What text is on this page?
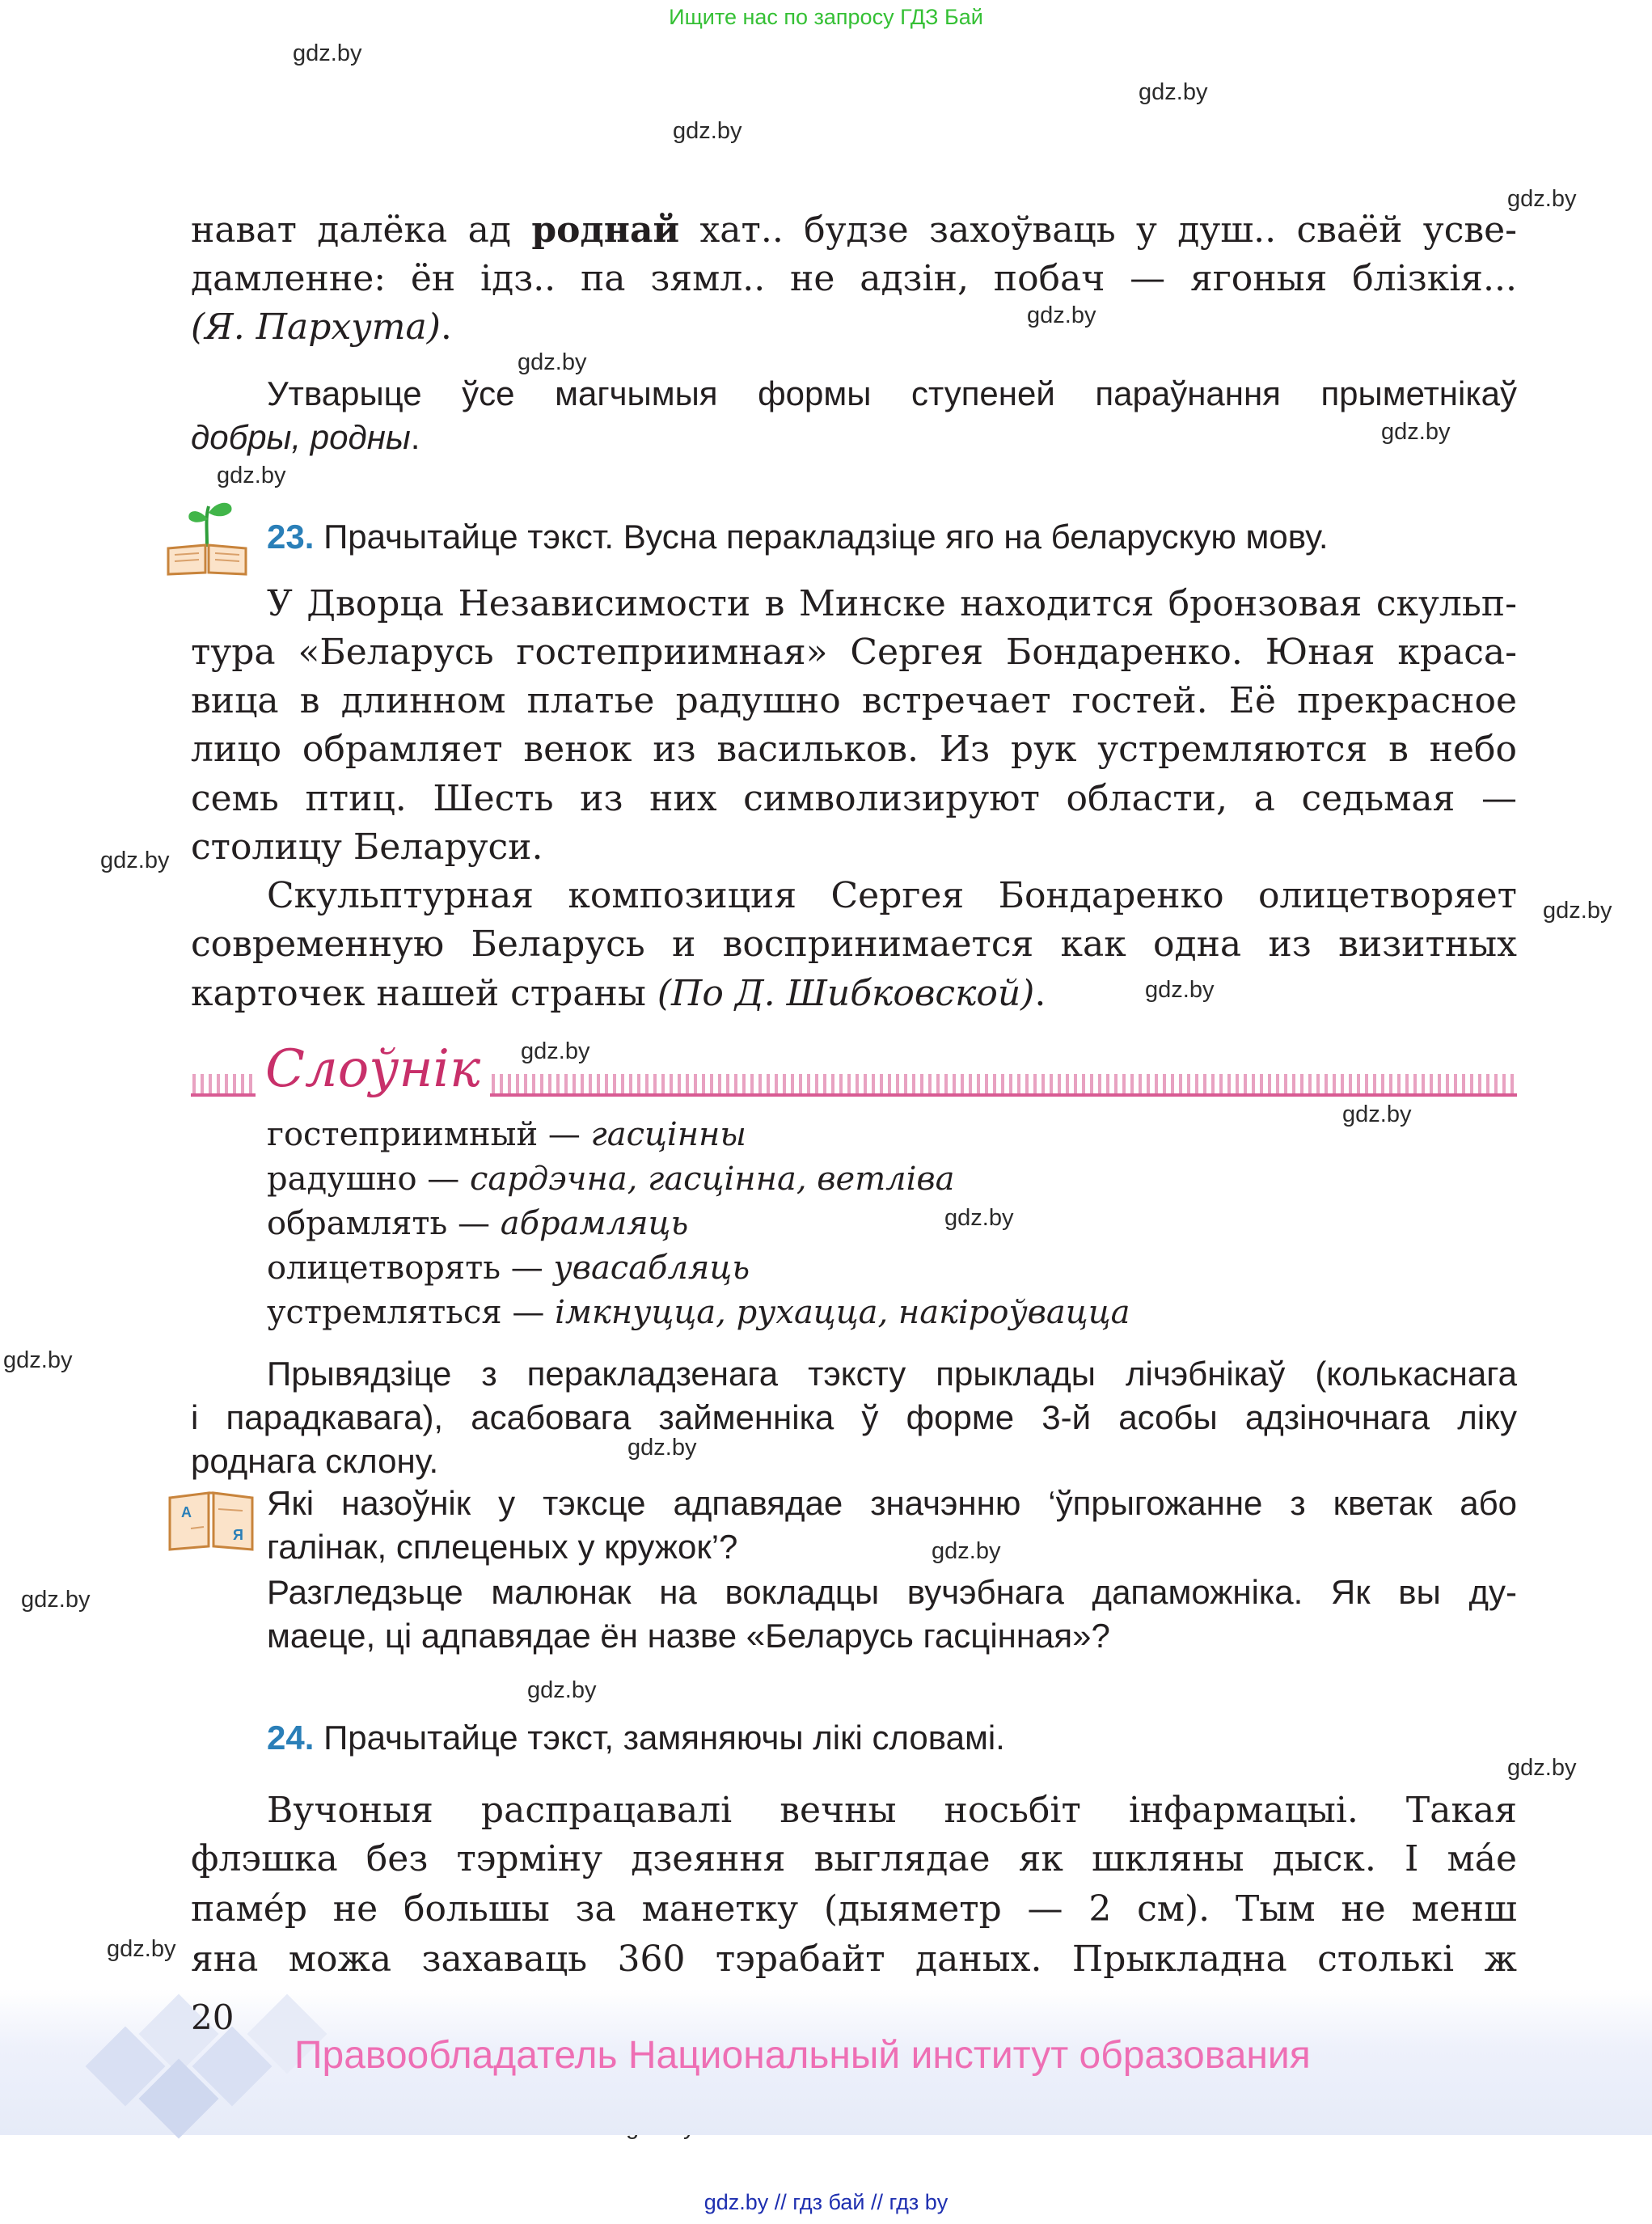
Ищите нас по запросу ГДЗ Бай
gdz.by
gdz.by
gdz.by
gdz.by
gdz.by
gdz.by
gdz.by
gdz.by
gdz.by
gdz.by
gdz.by
gdz.by
gdz.by
gdz.by
gdz.by
gdz.by
gdz.by
gdz.by
gdz.by
gdz.by
gdz.by
нават далёка ад роднай хат.. будзе захоўваць у душ.. сваёй усве-
дамленне: ён ідз.. па зямл.. не адзін, побач — ягоныя блізкія...
(Я. Пархута).
Утварыце ўсе магчымыя формы ступеней параўнання прыметнікаў
добры, родны.
23. Прачытайце тэкст. Вусна перакладзіце яго на беларускую мову.
У Дворца Независимости в Минске находится бронзовая скульп-
тура «Беларусь гостеприимная» Сергея Бондаренко. Юная краса-
вица в длинном платье радушно встречает гостей. Её прекрасное
лицо обрамляет венок из васильков. Из рук устремляются в небо
семь птиц. Шесть из них символизируют области, а седьмая —
столицу Беларуси.
Скульптурная композиция Сергея Бондаренко олицетворяет
современную Беларусь и воспринимается как одна из визитных
карточек нашей страны (По Д. Шибковской).
Слоўнік
гостеприимный — гасцінны
радушно — сардэчна, гасцінна, ветліва
обрамлять — абрамляць
олицетворять — увасабляць
устремляться — імкнуцца, рухацца, накіроўвацца
Прывядзіце з перакладзенага тэксту прыклады лічэбнікаў (колькаснага
і парадкавага), асабовага займенніка ў форме 3-й асобы адзіночнага ліку
роднага склону.
А
Я
Які назоўнік у тэксце адпавядае значэнню ‘ўпрыгожанне з кветак або
галінак, сплеценых у кружок’?
Разгледзьце малюнак на вокладцы вучэбнага дапаможніка. Як вы ду-
маеце, ці адпавядае ён назве «Беларусь гасцінная»?
24. Прачытайце тэкст, замяняючы лікі словамі.
Вучоныя распрацавалі вечны носьбіт інфармацыі. Такая
флэшка без тэрміну дзеяння выглядае як шкляны дыск. І ма́е
паме́р не большы за манетку (дыяметр — 2 см). Тым не менш
яна можа захаваць 360 тэрабайт даных. Прыкладна столькі ж
20
Правообладатель Национальный институт образования
gdz.by // гдз бай // гдз by
